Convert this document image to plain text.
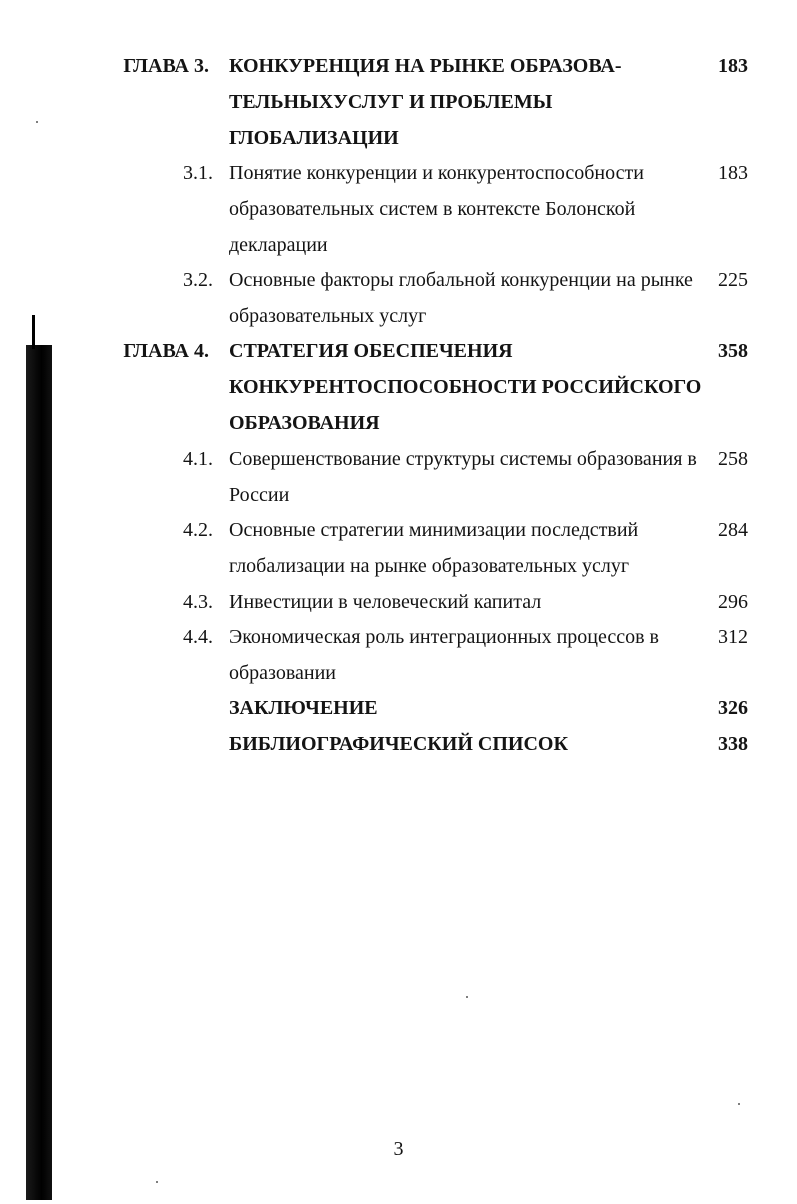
ГЛАВА 3. КОНКУРЕНЦИЯ НА РЫНКЕ ОБРАЗОВА-	183
ТЕЛЬНЫХУСЛУГ И ПРОБЛЕМЫ
ГЛОБАЛИЗАЦИИ
3.1. Понятие конкуренции и конкурентоспособности	183
образовательных систем в контексте Болонской
декларации
3.2. Основные факторы глобальной конкуренции на рынке 225
образовательных услуг
ГЛАВА 4. СТРАТЕГИЯ ОБЕСПЕЧЕНИЯ	358
КОНКУРЕНТОСПОСОБНОСТИ РОССИЙСКОГО
ОБРАЗОВАНИЯ
4.1. Совершенствование структуры системы образования в 258
России
4.2. Основные стратегии минимизации последствий	284
глобализации на рынке образовательных услуг
4.3. Инвестиции в человеческий капитал	296
4.4. Экономическая роль интеграционных процессов в	312
образовании
ЗАКЛЮЧЕНИЕ	326
БИБЛИОГРАФИЧЕСКИЙ СПИСОК	338
3
